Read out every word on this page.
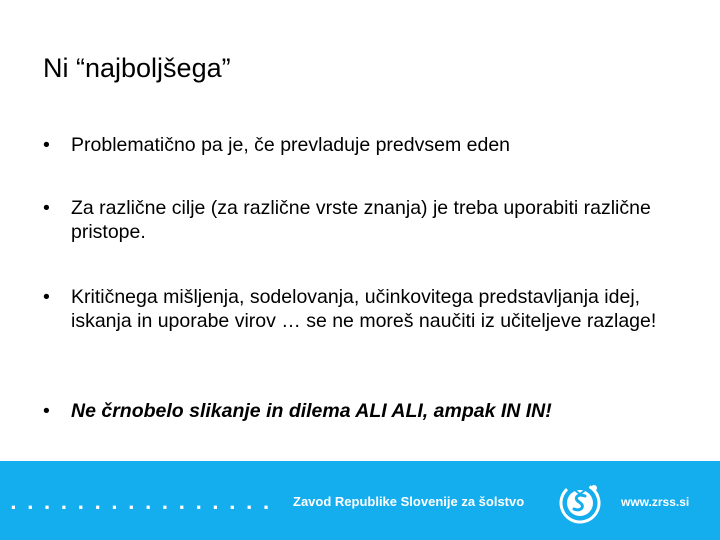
Ni “najboljšega”
•	Problematično pa je, če prevladuje predvsem eden
•	Za različne cilje (za različne vrste znanja) je treba uporabiti različne pristope.
•	Kritičnega mišljenja, sodelovanja, učinkovitega predstavljanja idej, iskanja in uporabe virov … se ne moreš naučiti iz učiteljeve razlage!
•	Ne črnobelo slikanje in dilema ALI ALI, ampak IN IN!
................ Zavod Republike Slovenije za šolstvo	www.zrss.si
